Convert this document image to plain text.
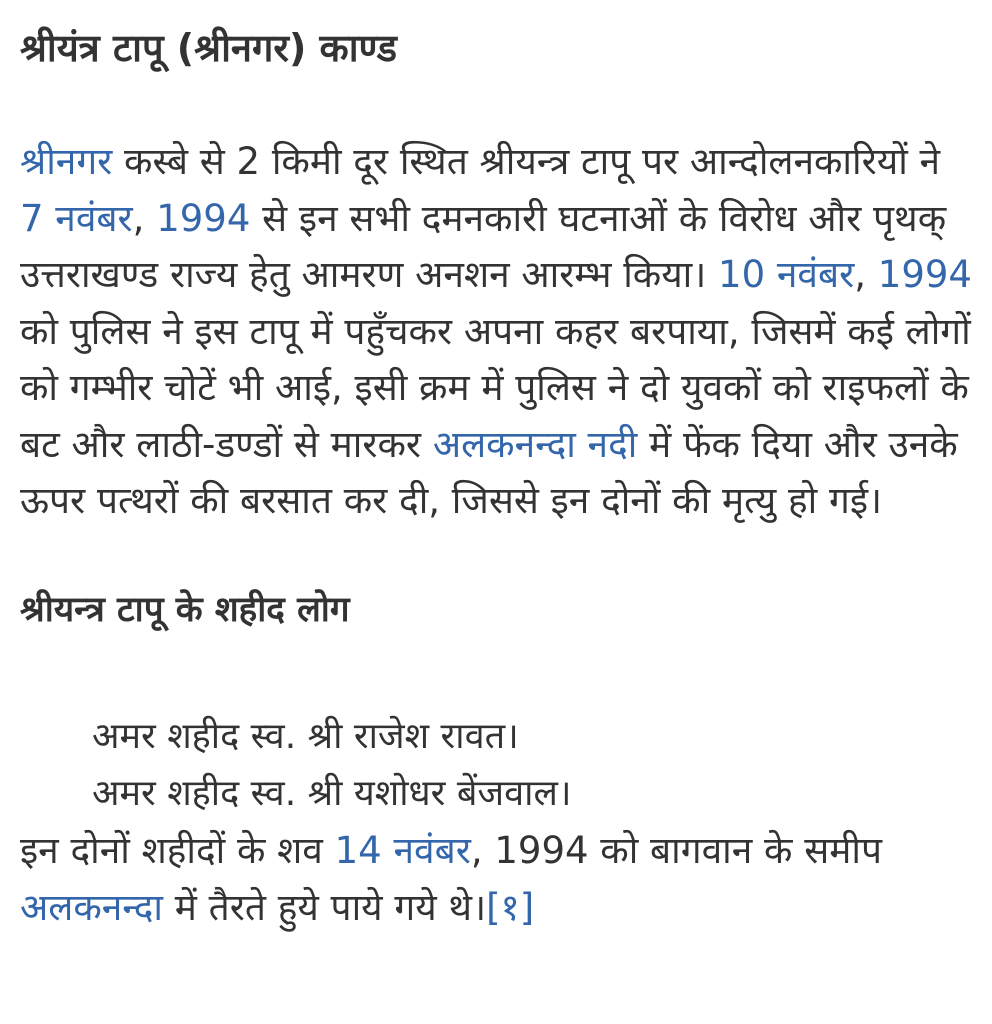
श्रीयंत्र टापू (श्रीनगर) काण्ड

श्रीनगर कस्बे से 2 किमी दूर स्थित श्रीयन्त्र टापू पर आन्दोलनकारियों ने 7 नवंबर, 1994 से इन सभी दमनकारी घटनाओं के विरोध और पृथक् उत्तराखण्ड राज्य हेतु आमरण अनशन आरम्भ किया। 10 नवंबर, 1994 को पुलिस ने इस टापू में पहुँचकर अपना कहर बरपाया, जिसमें कई लोगों को गम्भीर चोटें भी आई, इसी क्रम में पुलिस ने दो युवकों को राइफलों के बट और लाठी-डण्डों से मारकर अलकनन्दा नदी में फेंक दिया और उनके ऊपर पत्थरों की बरसात कर दी, जिससे इन दोनों की मृत्यु हो गई।

श्रीयन्त्र टापू के शहीद लोग
अमर शहीद स्व. श्री राजेश रावत।
अमर शहीद स्व. श्री यशोधर बेंजवाल।

इन दोनों शहीदों के शव 14 नवंबर, 1994 को बागवान के समीप अलकनन्दा में तैरते हुये पाये गये थे।[१]
